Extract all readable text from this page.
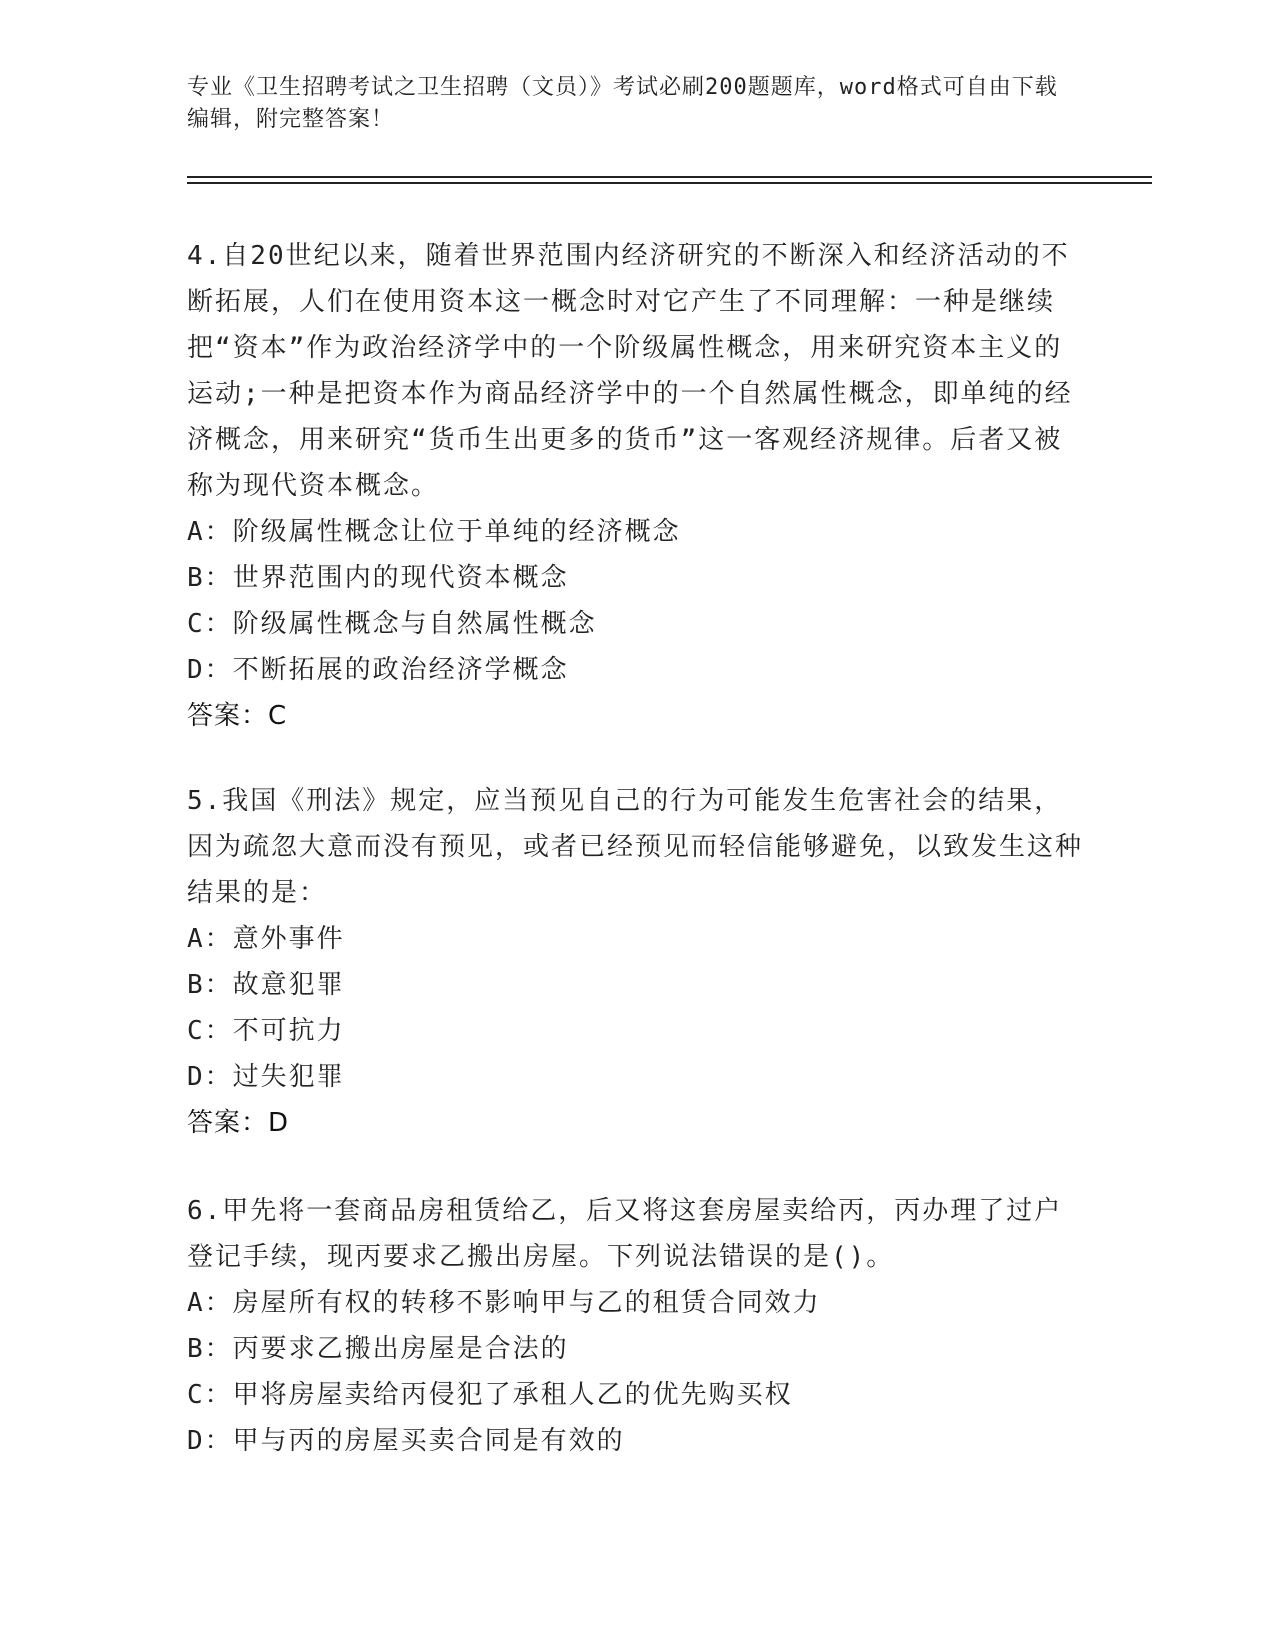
专业《卫生招聘考试之卫生招聘（文员）》考试必刷200题题库，word格式可自由下载编辑，附完整答案！

4.自20世纪以来，随着世界范围内经济研究的不断深入和经济活动的不断拓展，人们在使用资本这一概念时对它产生了不同理解：一种是继续把“资本”作为政治经济学中的一个阶级属性概念，用来研究资本主义的运动;一种是把资本作为商品经济学中的一个自然属性概念，即单纯的经济概念，用来研究“货币生出更多的货币”这一客观经济规律。后者又被称为现代资本概念。

A：阶级属性概念让位于单纯的经济概念

B：世界范围内的现代资本概念

C：阶级属性概念与自然属性概念

D：不断拓展的政治经济学概念

答案：C

5.我国《刑法》规定，应当预见自己的行为可能发生危害社会的结果，因为疏忽大意而没有预见，或者已经预见而轻信能够避免，以致发生这种结果的是：

A：意外事件

B：故意犯罪

C：不可抗力

D：过失犯罪

答案：D

6.甲先将一套商品房租赁给乙，后又将这套房屋卖给丙，丙办理了过户登记手续，现丙要求乙搬出房屋。下列说法错误的是()。

A：房屋所有权的转移不影响甲与乙的租赁合同效力

B：丙要求乙搬出房屋是合法的

C：甲将房屋卖给丙侵犯了承租人乙的优先购买权

D：甲与丙的房屋买卖合同是有效的
